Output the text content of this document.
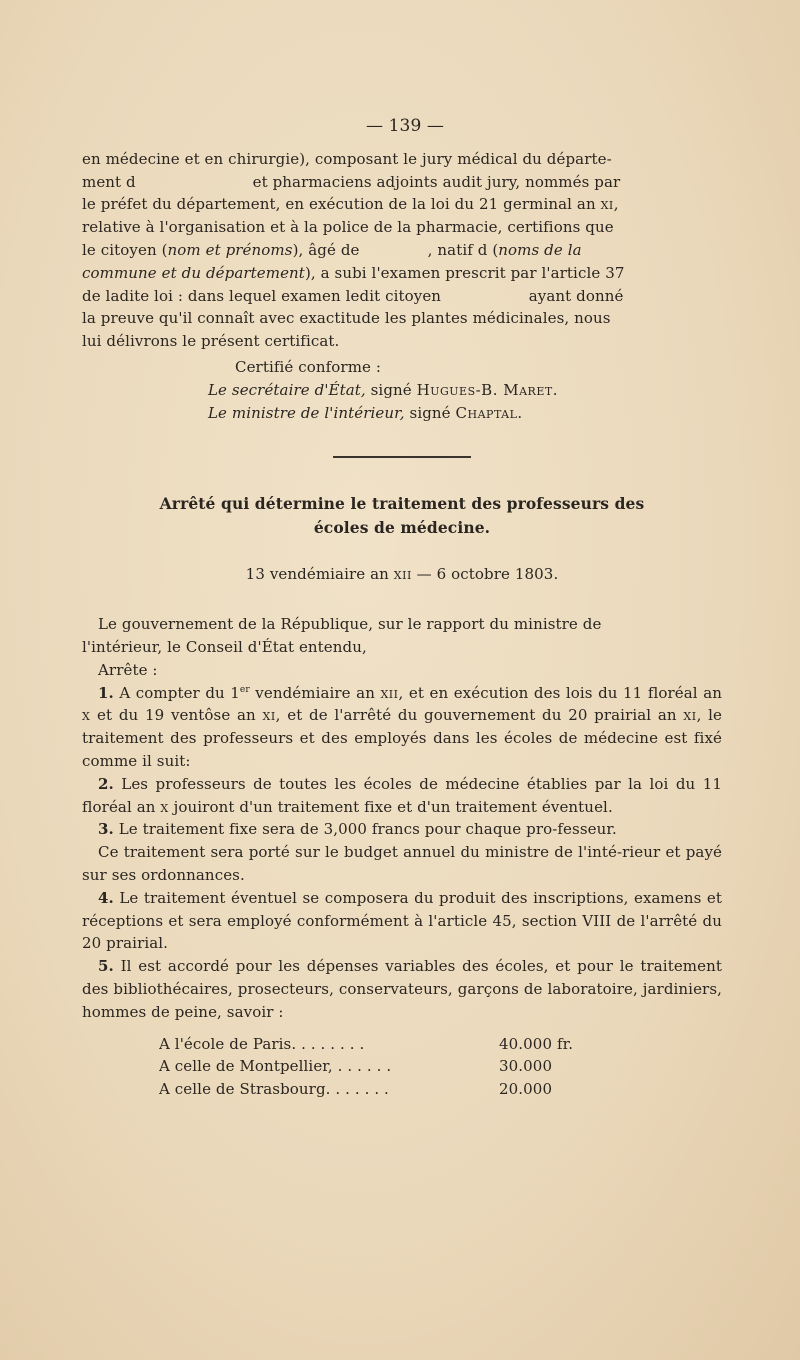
— 139 —

en médecine et en chirurgie), composant le jury médical du départe-

ment d                        et pharmaciens adjoints audit jury, nommés par

le préfet du département, en exécution de la loi du 21 germinal an xi,

relative à l'organisation et à la police de la pharmacie, certifions que

le citoyen (nom et prénoms), âgé de              , natif d (noms de la

commune et du département), a subi l'examen prescrit par l'article 37

de ladite loi : dans lequel examen ledit citoyen                  ayant donné

la preuve qu'il connaît avec exactitude les plantes médicinales, nous

lui délivrons le présent certificat.

Certifié conforme :

Le secrétaire d'État, signé Hugues-B. Maret.

Le ministre de l'intérieur, signé Chaptal.

Arrêté qui détermine le traitement des professeurs des
écoles de médecine.

13 vendémiaire an xii — 6 octobre 1803.

Le gouvernement de la République, sur le rapport du ministre de

l'intérieur, le Conseil d'État entendu,

Arrête :

1. A compter du 1er vendémiaire an xii, et en exécution des lois du 11 floréal an x et du 19 ventôse an xi, et de l'arrêté du gouvernement du 20 prairial an xi, le traitement des professeurs et des employés dans les écoles de médecine est fixé comme il suit:

2. Les professeurs de toutes les écoles de médecine établies par la loi du 11 floréal an x jouiront d'un traitement fixe et d'un traitement éventuel.

3. Le traitement fixe sera de 3,000 francs pour chaque pro-fesseur.

Ce traitement sera porté sur le budget annuel du ministre de l'inté-rieur et payé sur ses ordonnances.

4. Le traitement éventuel se composera du produit des inscriptions, examens et réceptions et sera employé conformément à l'article 45, section VIII de l'arrêté du 20 prairial.

5. Il est accordé pour les dépenses variables des écoles, et pour le traitement des bibliothécaires, prosecteurs, conservateurs, garçons de laboratoire, jardiniers, hommes de peine, savoir :

A l'école de Paris. . . . . . . .	40.000 fr.
A celle de Montpellier, . . . . . .	30.000
A celle de Strasbourg. . . . . . .	20.000
